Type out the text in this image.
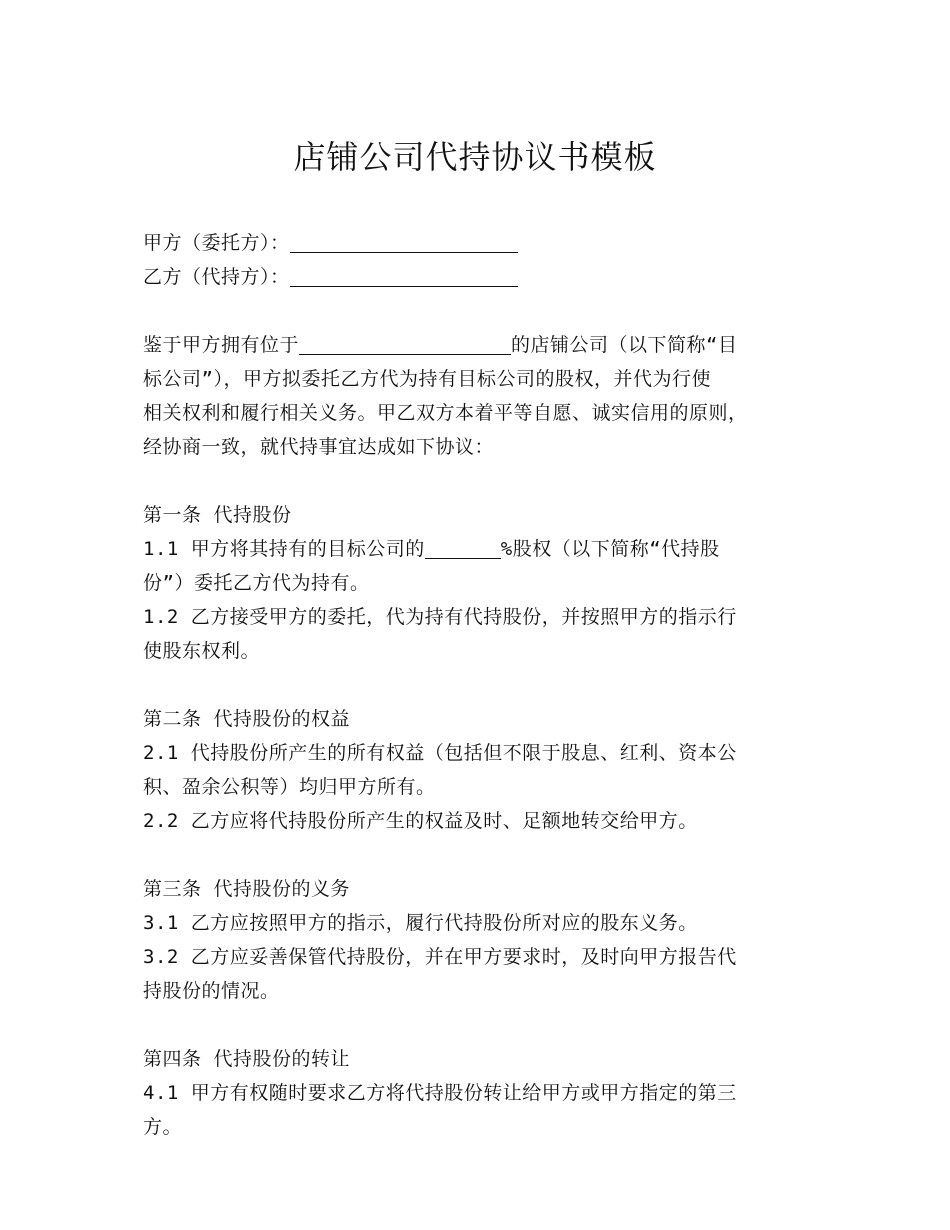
店铺公司代持协议书模板
甲方（委托方）：
乙方（代持方）：
鉴于甲方拥有位于	的店铺公司（以下简称“目
标公司”），甲方拟委托乙方代为持有目标公司的股权，并代为行使
相关权利和履行相关义务。甲乙双方本着平等自愿、诚实信用的原则，
经协商一致，就代持事宜达成如下协议：
第一条 代持股份
1.1 甲方将其持有的目标公司的	%股权（以下简称“代持股
份”）委托乙方代为持有。
1.2 乙方接受甲方的委托，代为持有代持股份，并按照甲方的指示行
使股东权利。
第二条 代持股份的权益
2.1 代持股份所产生的所有权益（包括但不限于股息、红利、资本公
积、盈余公积等）均归甲方所有。
2.2 乙方应将代持股份所产生的权益及时、足额地转交给甲方。
第三条 代持股份的义务
3.1 乙方应按照甲方的指示，履行代持股份所对应的股东义务。
3.2 乙方应妥善保管代持股份，并在甲方要求时，及时向甲方报告代
持股份的情况。
第四条 代持股份的转让
4.1 甲方有权随时要求乙方将代持股份转让给甲方或甲方指定的第三
方。
